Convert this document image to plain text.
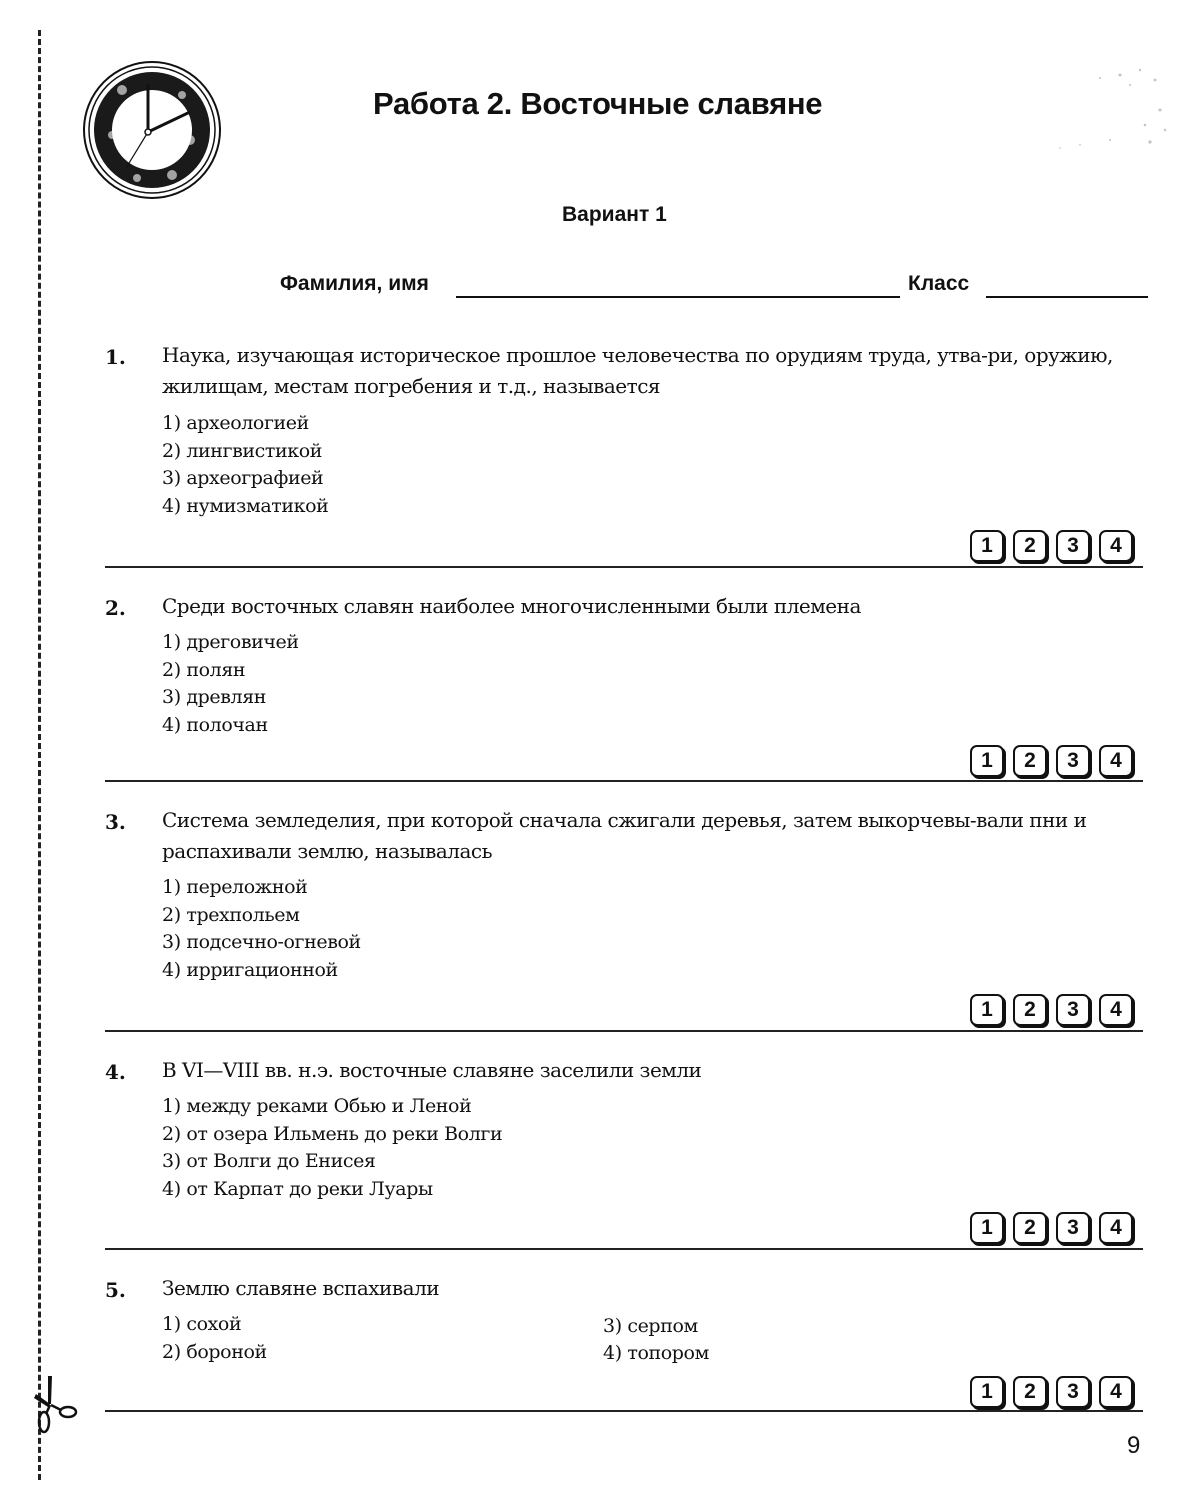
Работа 2. Восточные славяне
Вариант 1
Фамилия, имя	Класс
1. Наука, изучающая историческое прошлое человечества по орудиям труда, утва-ри, оружию, жилищам, местам погребения и т.д., называется
1) археологией
2) лингвистикой
3) археографией
4) нумизматикой
1	2	3	4
2. Среди восточных славян наиболее многочисленными были племена
1) дреговичей
2) полян
3) древлян
4) полочан
1	2	3	4
3. Система земледелия, при которой сначала сжигали деревья, затем выкорчевы-вали пни и распахивали землю, называлась
1) переложной
2) трехпольем
3) подсечно-огневой
4) ирригационной
1	2	3	4
4. В VI—VIII вв. н.э. восточные славяне заселили земли
1) между реками Обью и Леной
2) от озера Ильмень до реки Волги
3) от Волги до Енисея
4) от Карпат до реки Луары
1	2	3	4
5. Землю славяне вспахивали
1) сохой
2) бороной
3) серпом
4) топором
1	2	3	4
9
